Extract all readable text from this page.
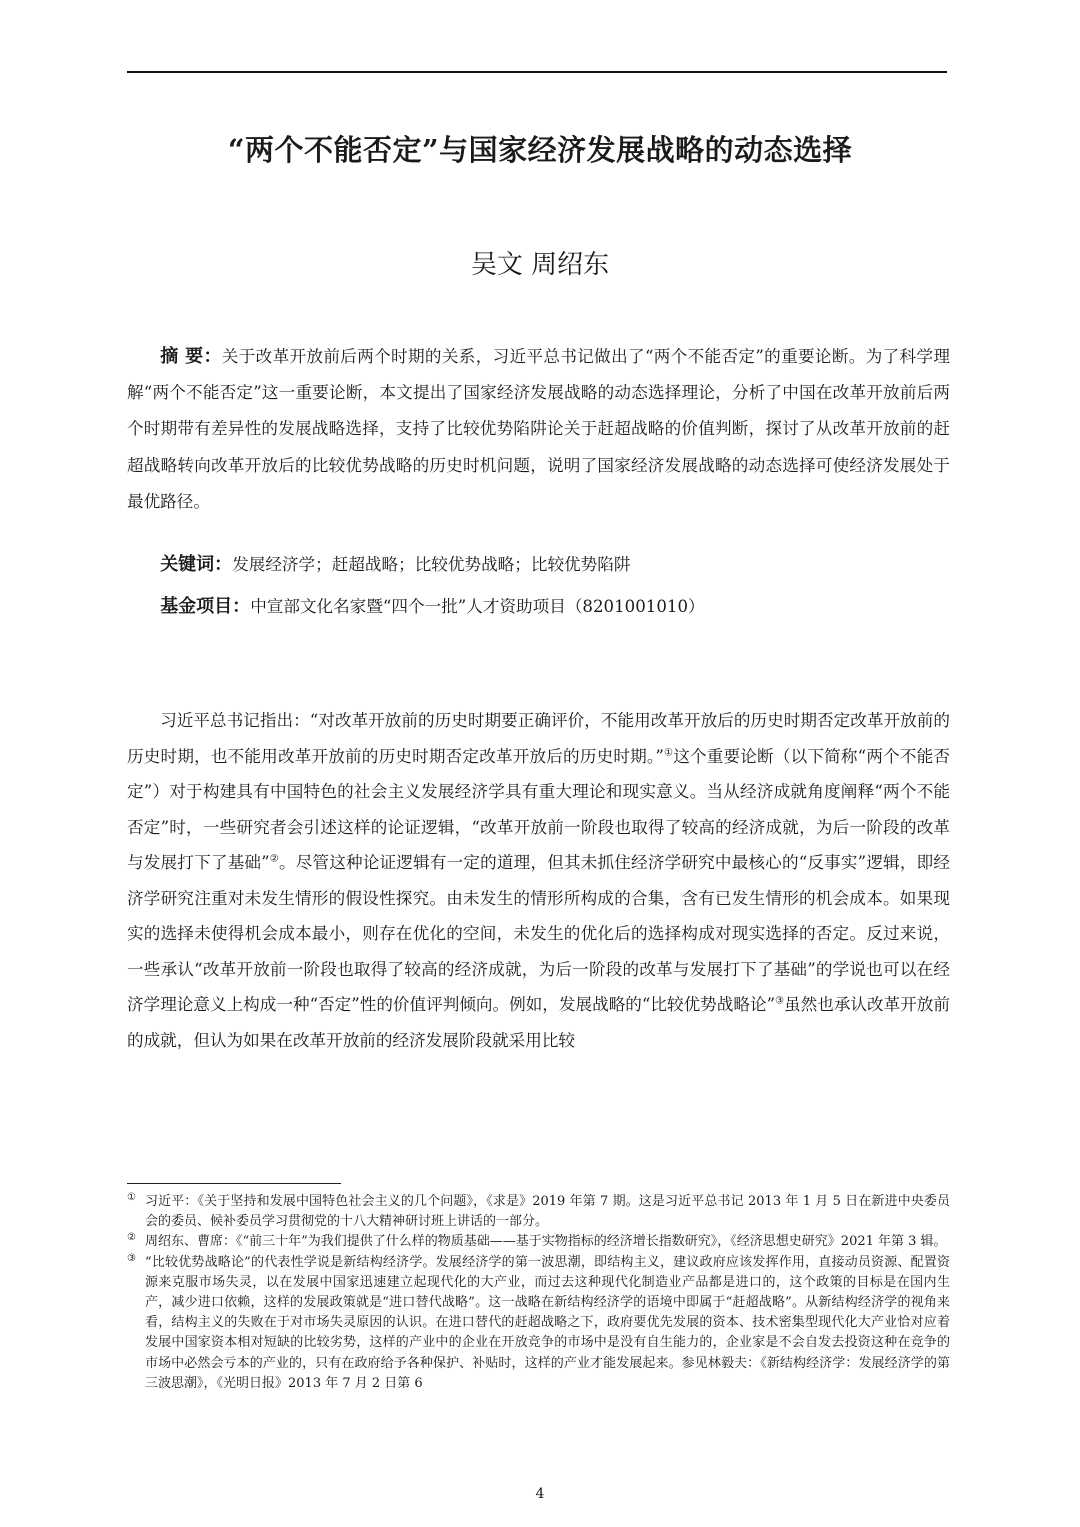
“两个不能否定”与国家经济发展战略的动态选择
吴文 周绍东
摘 要：关于改革开放前后两个时期的关系，习近平总书记做出了“两个不能否定”的重要论断。为了科学理解“两个不能否定”这一重要论断，本文提出了国家经济发展战略的动态选择理论，分析了中国在改革开放前后两个时期带有差异性的发展战略选择，支持了比较优势陷阱论关于赶超战略的价值判断，探讨了从改革开放前的赶超战略转向改革开放后的比较优势战略的历史时机问题，说明了国家经济发展战略的动态选择可使经济发展处于最优路径。
关键词：发展经济学；赶超战略；比较优势战略；比较优势陷阱
基金项目：中宣部文化名家暨“四个一批”人才资助项目（8201001010）
习近平总书记指出：“对改革开放前的历史时期要正确评价，不能用改革开放后的历史时期否定改革开放前的历史时期，也不能用改革开放前的历史时期否定改革开放后的历史时期。”①这个重要论断（以下简称“两个不能否定”）对于构建具有中国特色的社会主义发展经济学具有重大理论和现实意义。当从经济成就角度阐释“两个不能否定”时，一些研究者会引述这样的论证逻辑，“改革开放前一阶段也取得了较高的经济成就，为后一阶段的改革与发展打下了基础”②。尽管这种论证逻辑有一定的道理，但其未抓住经济学研究中最核心的“反事实”逻辑，即经济学研究注重对未发生情形的假设性探究。由未发生的情形所构成的合集，含有已发生情形的机会成本。如果现实的选择未使得机会成本最小，则存在优化的空间，未发生的优化后的选择构成对现实选择的否定。反过来说，一些承认“改革开放前一阶段也取得了较高的经济成就，为后一阶段的改革与发展打下了基础”的学说也可以在经济学理论意义上构成一种“否定”性的价值评判倾向。例如，发展战略的“比较优势战略论”③虽然也承认改革开放前的成就，但认为如果在改革开放前的经济发展阶段就采用比较
① 习近平：《关于坚持和发展中国特色社会主义的几个问题》，《求是》2019 年第 7 期。这是习近平总书记 2013 年 1 月 5 日在新进中央委员会的委员、候补委员学习贯彻党的十八大精神研讨班上讲话的一部分。
② 周绍东、曹席：《“前三十年”为我们提供了什么样的物质基础——基于实物指标的经济增长指数研究》，《经济思想史研究》2021 年第 3 辑。
③ “比较优势战略论”的代表性学说是新结构经济学。发展经济学的第一波思潮，即结构主义，建议政府应该发挥作用，直接动员资源、配置资源来克服市场失灵，以在发展中国家迅速建立起现代化的大产业，而过去这种现代化制造业产品都是进口的，这个政策的目标是在国内生产，减少进口依赖，这样的发展政策就是“进口替代战略”。这一战略在新结构经济学的语境中即属于“赶超战略”。从新结构经济学的视角来看，结构主义的失败在于对市场失灵原因的认识。在进口替代的赶超战略之下，政府要优先发展的资本、技术密集型现代化大产业恰对应着发展中国家资本相对短缺的比较劣势，这样的产业中的企业在开放竞争的市场中是没有自生能力的，企业家是不会自发去投资这种在竞争的市场中必然会亏本的产业的，只有在政府给予各种保护、补贴时，这样的产业才能发展起来。参见林毅夫：《新结构经济学：发展经济学的第三波思潮》，《光明日报》2013 年 7 月 2 日第 6
4
